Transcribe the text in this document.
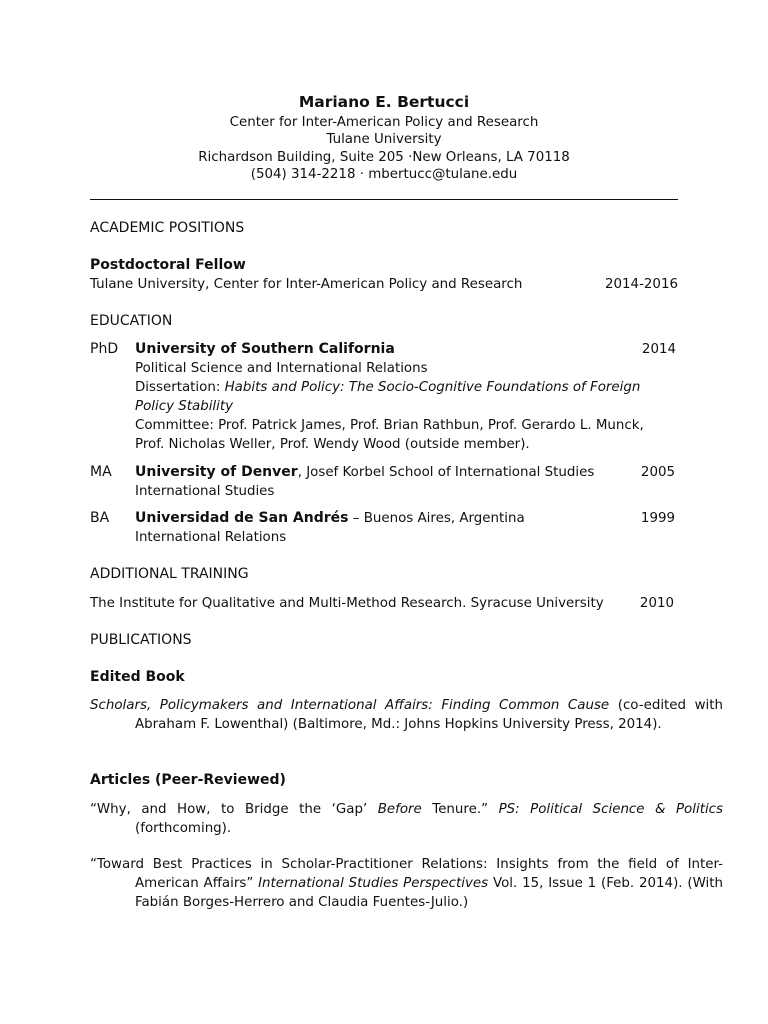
Mariano E. Bertucci
Center for Inter-American Policy and Research
Tulane University
Richardson Building, Suite 205 ·New Orleans, LA 70118
(504) 314-2218 · mbertucc@tulane.edu
ACADEMIC POSITIONS
Postdoctoral Fellow
Tulane University, Center for Inter-American Policy and Research	2014-2016
EDUCATION
PhD	University of Southern California	2014
Political Science and International Relations
Dissertation: Habits and Policy: The Socio-Cognitive Foundations of Foreign Policy Stability
Committee: Prof. Patrick James, Prof. Brian Rathbun, Prof. Gerardo L. Munck,
Prof. Nicholas Weller, Prof. Wendy Wood (outside member).
MA	University of Denver, Josef Korbel School of International Studies	2005
International Studies
BA	Universidad de San Andrés – Buenos Aires, Argentina	1999
International Relations
ADDITIONAL TRAINING
The Institute for Qualitative and Multi-Method Research. Syracuse University	2010
PUBLICATIONS
Edited Book
Scholars, Policymakers and International Affairs: Finding Common Cause (co-edited with Abraham F. Lowenthal) (Baltimore, Md.: Johns Hopkins University Press, 2014).
Articles (Peer-Reviewed)
“Why, and How, to Bridge the ‘Gap’ Before Tenure.” PS: Political Science & Politics (forthcoming).
“Toward Best Practices in Scholar-Practitioner Relations: Insights from the field of Inter-American Affairs” International Studies Perspectives Vol. 15, Issue 1 (Feb. 2014). (With Fabián Borges-Herrero and Claudia Fuentes-Julio.)
